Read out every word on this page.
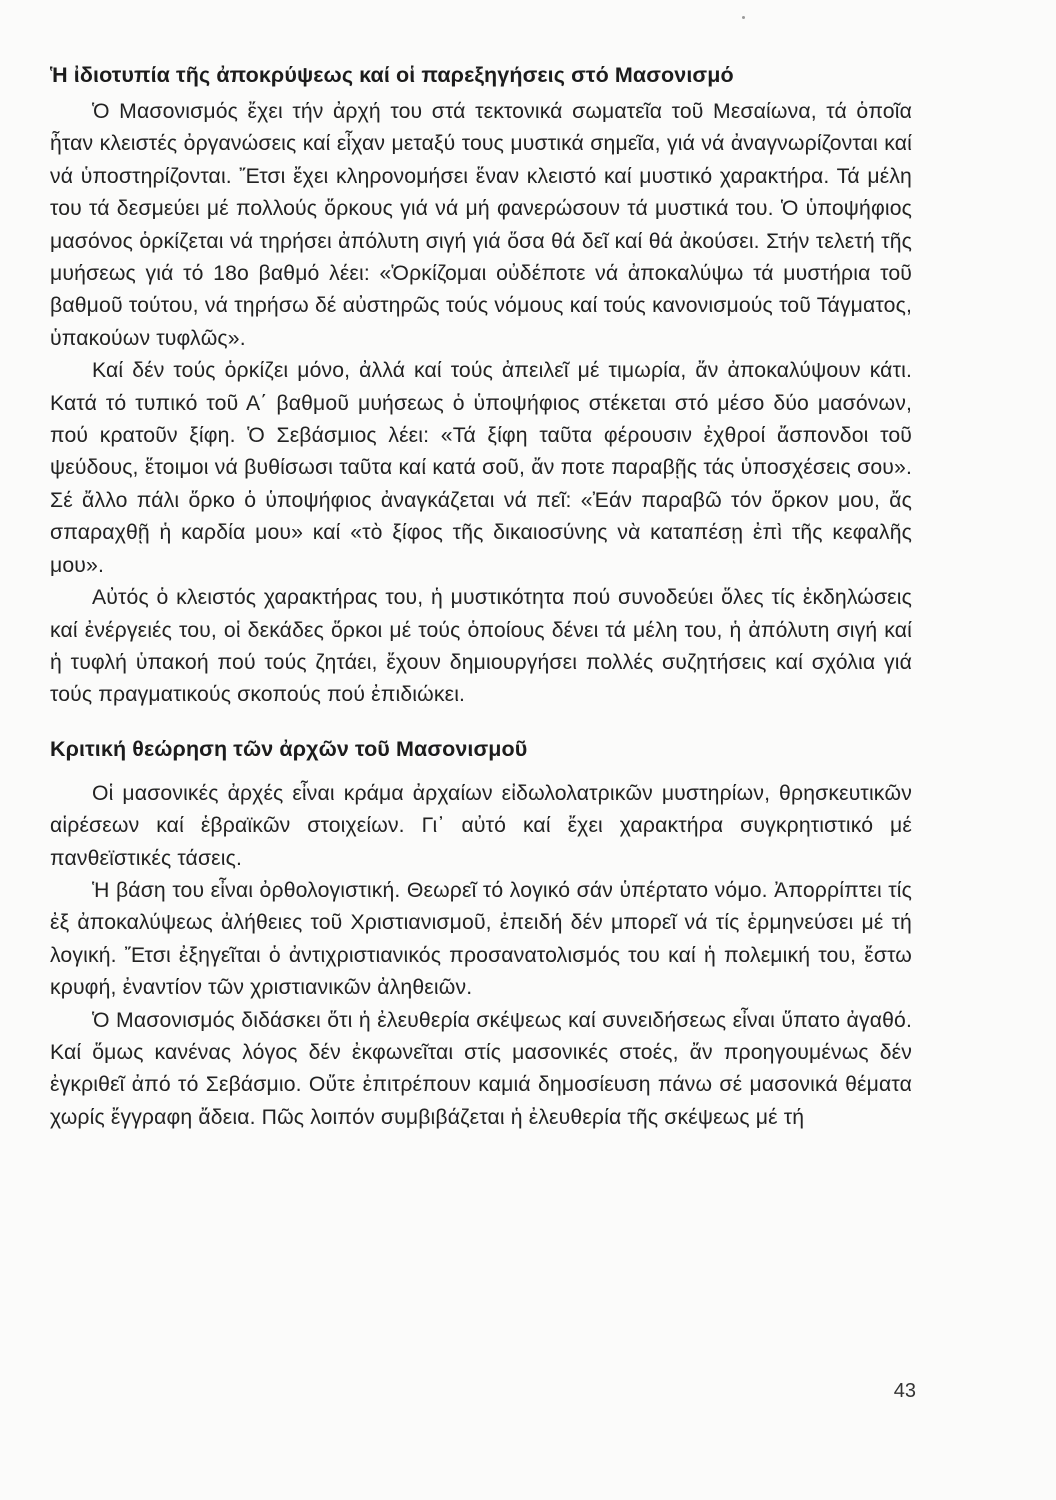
Ἡ ἰδιοτυπία τῆς ἀποκρύψεως καί οἱ παρεξηγήσεις στό Μασονισμό

Ὁ Μασονισμός ἔχει τήν ἀρχή του στά τεκτονικά σωματεῖα τοῦ Μεσαίωνα, τά ὁποῖα ἦταν κλειστές ὀργανώσεις καί εἶχαν μεταξύ τους μυστικά σημεῖα, γιά νά ἀναγνωρίζονται καί νά ὑποστηρίζονται. Ἔτσι ἔχει κληρονομήσει ἕναν κλειστό καί μυστικό χαρακτήρα. Τά μέλη του τά δεσμεύει μέ πολλούς ὅρκους γιά νά μή φανερώσουν τά μυστικά του. Ὁ ὑποψήφιος μασόνος ὁρκίζεται νά τηρήσει ἀπόλυτη σιγή γιά ὅσα θά δεῖ καί θά ἀκούσει. Στήν τελετή τῆς μυήσεως γιά τό 18ο βαθμό λέει: «Ὁρκίζομαι οὐδέποτε νά ἀποκαλύψω τά μυστήρια τοῦ βαθμοῦ τούτου, νά τηρήσω δέ αὐστηρῶς τούς νόμους καί τούς κανονισμούς τοῦ Τάγματος, ὑπακούων τυφλῶς».

Καί δέν τούς ὁρκίζει μόνο, ἀλλά καί τούς ἀπειλεῖ μέ τιμωρία, ἄν ἀποκαλύψουν κάτι. Κατά τό τυπικό τοῦ Α΄ βαθμοῦ μυήσεως ὁ ὑποψήφιος στέκεται στό μέσο δύο μασόνων, πού κρατοῦν ξίφη. Ὁ Σεβάσμιος λέει: «Τά ξίφη ταῦτα φέρουσιν ἐχθροί ἄσπονδοι τοῦ ψεύδους, ἕτοιμοι νά βυθίσωσι ταῦτα καί κατά σοῦ, ἄν ποτε παραβῇς τάς ὑποσχέσεις σου». Σέ ἄλλο πάλι ὅρκο ὁ ὑποψήφιος ἀναγκάζεται νά πεῖ: «Ἐάν παραβῶ τόν ὅρκον μου, ἄς σπαραχθῇ ἡ καρδία μου» καί «τὸ ξίφος τῆς δικαιοσύνης νὰ καταπέσῃ ἐπὶ τῆς κεφαλῆς μου».

Αὐτός ὁ κλειστός χαρακτήρας του, ἡ μυστικότητα πού συνοδεύει ὅλες τίς ἐκδηλώσεις καί ἐνέργειές του, οἱ δεκάδες ὅρκοι μέ τούς ὁποίους δένει τά μέλη του, ἡ ἀπόλυτη σιγή καί ἡ τυφλή ὑπακοή πού τούς ζητάει, ἔχουν δημιουργήσει πολλές συζητήσεις καί σχόλια γιά τούς πραγματικούς σκοπούς πού ἐπιδιώκει.

Κριτική θεώρηση τῶν ἀρχῶν τοῦ Μασονισμοῦ

Οἱ μασονικές ἀρχές εἶναι κράμα ἀρχαίων εἰδωλολατρικῶν μυστηρίων, θρησκευτικῶν αἱρέσεων καί ἑβραϊκῶν στοιχείων. Γι᾽ αὐτό καί ἔχει χαρακτήρα συγκρητιστικό μέ πανθεϊστικές τάσεις.

Ἡ βάση του εἶναι ὀρθολογιστική. Θεωρεῖ τό λογικό σάν ὑπέρτατο νόμο. Ἀπορρίπτει τίς ἐξ ἀποκαλύψεως ἀλήθειες τοῦ Χριστιανισμοῦ, ἐπειδή δέν μπορεῖ νά τίς ἑρμηνεύσει μέ τή λογική. Ἔτσι ἐξηγεῖται ὁ ἀντιχριστιανικός προσανατολισμός του καί ἡ πολεμική του, ἔστω κρυφή, ἐναντίον τῶν χριστιανικῶν ἀληθειῶν.

Ὁ Μασονισμός διδάσκει ὅτι ἡ ἐλευθερία σκέψεως καί συνειδήσεως εἶναι ὕπατο ἀγαθό. Καί ὅμως κανένας λόγος δέν ἐκφωνεῖται στίς μασονικές στοές, ἄν προηγουμένως δέν ἐγκριθεῖ ἀπό τό Σεβάσμιο. Οὔτε ἐπιτρέπουν καμιά δημοσίευση πάνω σέ μασονικά θέματα χωρίς ἔγγραφη ἄδεια. Πῶς λοιπόν συμβιβάζεται ἡ ἐλευθερία τῆς σκέψεως μέ τή

43
